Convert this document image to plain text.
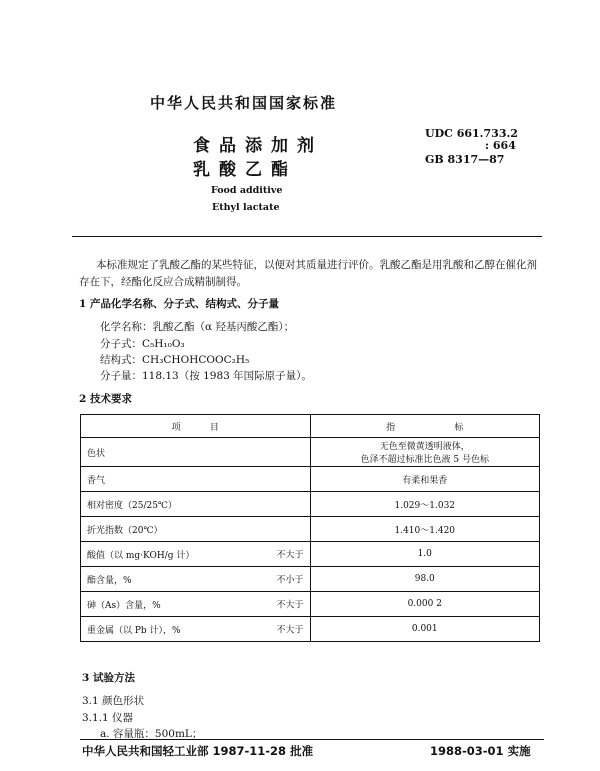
中华人民共和国国家标准
食品添加剂
乳酸乙酯
UDC 661.733.2
: 664
GB 8317—87
Food additive
Ethyl lactate
本标准规定了乳酸乙酯的某些特征，以便对其质量进行评价。乳酸乙酯是用乳酸和乙醇在催化剂
存在下，经酯化反应合成精制制得。
1 产品化学名称、分子式、结构式、分子量
化学名称：乳酸乙酯（α 羟基丙酸乙酯）；
分子式：C₅H₁₀O₃
结构式：CH₃CHOHCOOC₂H₅
分子量：118.13（按 1983 年国际原子量）。
2 技术要求
项 目	指 标

色状	无色至微黄透明液体，
色泽不超过标准比色液 5 号色标

香气	有柔和果香
相对密度（25/25℃）	1.029～1.032
折光指数（20℃）	1.410～1.420
酸值（以 mg·KOH/g 计） 不大于	1.0
酯含量，% 不小于	98.0
砷（As）含量，% 不大于	0.000 2
重金属（以 Pb 计），% 不大于	0.001
3 试验方法
3.1 颜色形状
3.1.1 仪器
a. 容量瓶：500mL；
中华人民共和国轻工业部 1987-11-28 批准	1988-03-01 实施
